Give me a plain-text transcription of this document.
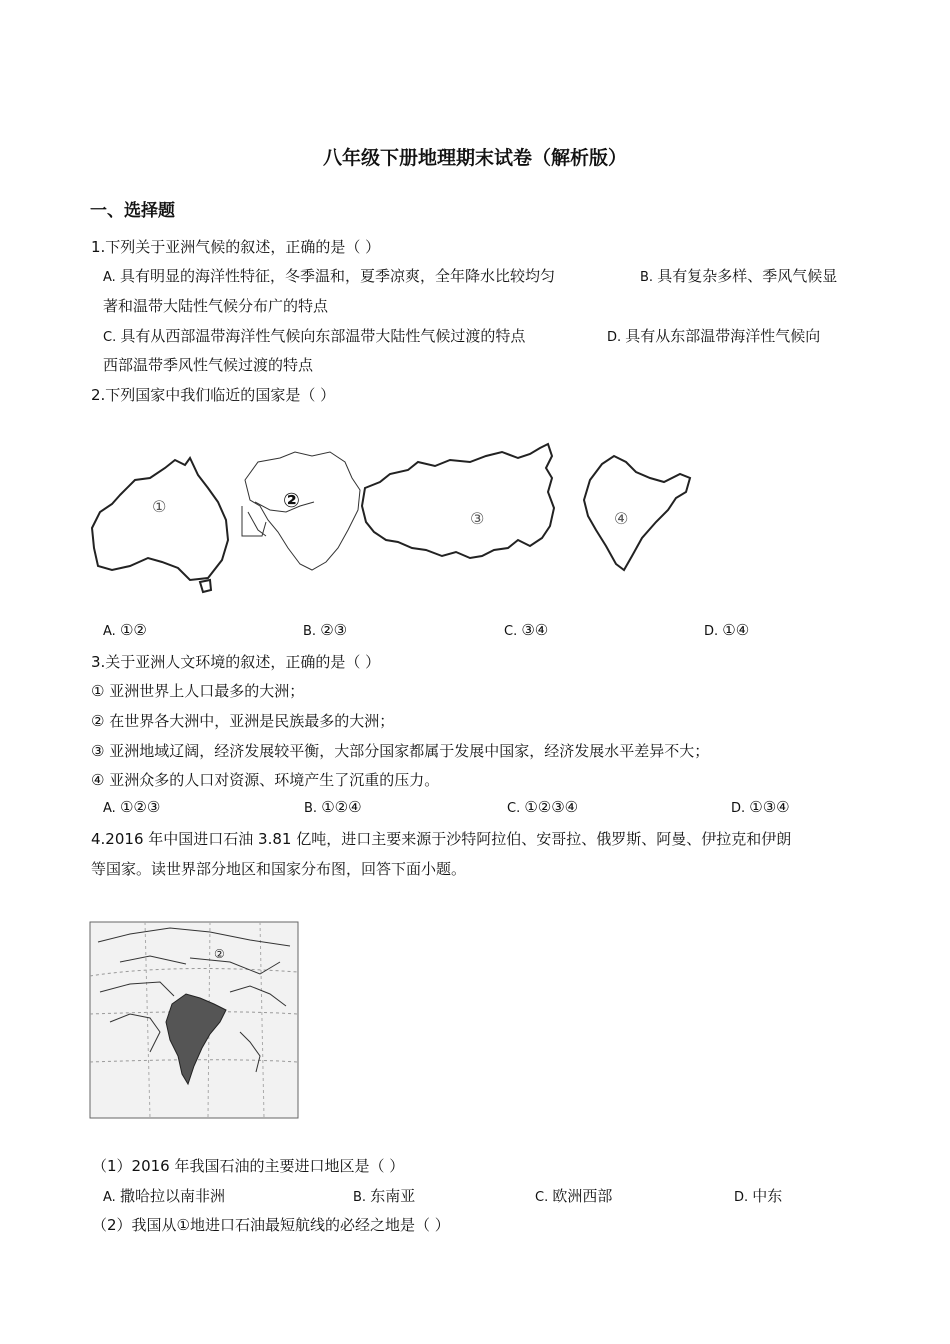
八年级下册地理期末试卷（解析版）
一、选择题
1.下列关于亚洲气候的叙述，正确的是（ ）
A. 具有明显的海洋性特征，冬季温和，夏季凉爽，全年降水比较均匀	B. 具有复杂多样、季风气候显
著和温带大陆性气候分布广的特点
C. 具有从西部温带海洋性气候向东部温带大陆性气候过渡的特点	D. 具有从东部温带海洋性气候向
西部温带季风性气候过渡的特点
2.下列国家中我们临近的国家是（ ）
①	②
③	④
A. ①②	B. ②③	C. ③④	D. ①④
3.关于亚洲人文环境的叙述，正确的是（ ）
① 亚洲世界上人口最多的大洲；
② 在世界各大洲中，亚洲是民族最多的大洲；
③ 亚洲地域辽阔，经济发展较平衡，大部分国家都属于发展中国家，经济发展水平差异不大；
④ 亚洲众多的人口对资源、环境产生了沉重的压力。
A. ①②③	B. ①②④	C. ①②③④	D. ①③④
4.2016 年中国进口石油 3.81 亿吨，进口主要来源于沙特阿拉伯、安哥拉、俄罗斯、阿曼、伊拉克和伊朗
等国家。读世界部分地区和国家分布图，回答下面小题。
②
（1）2016 年我国石油的主要进口地区是（ ）
A. 撒哈拉以南非洲	B. 东南亚	C. 欧洲西部	D. 中东
（2）我国从①地进口石油最短航线的必经之地是（ ）
